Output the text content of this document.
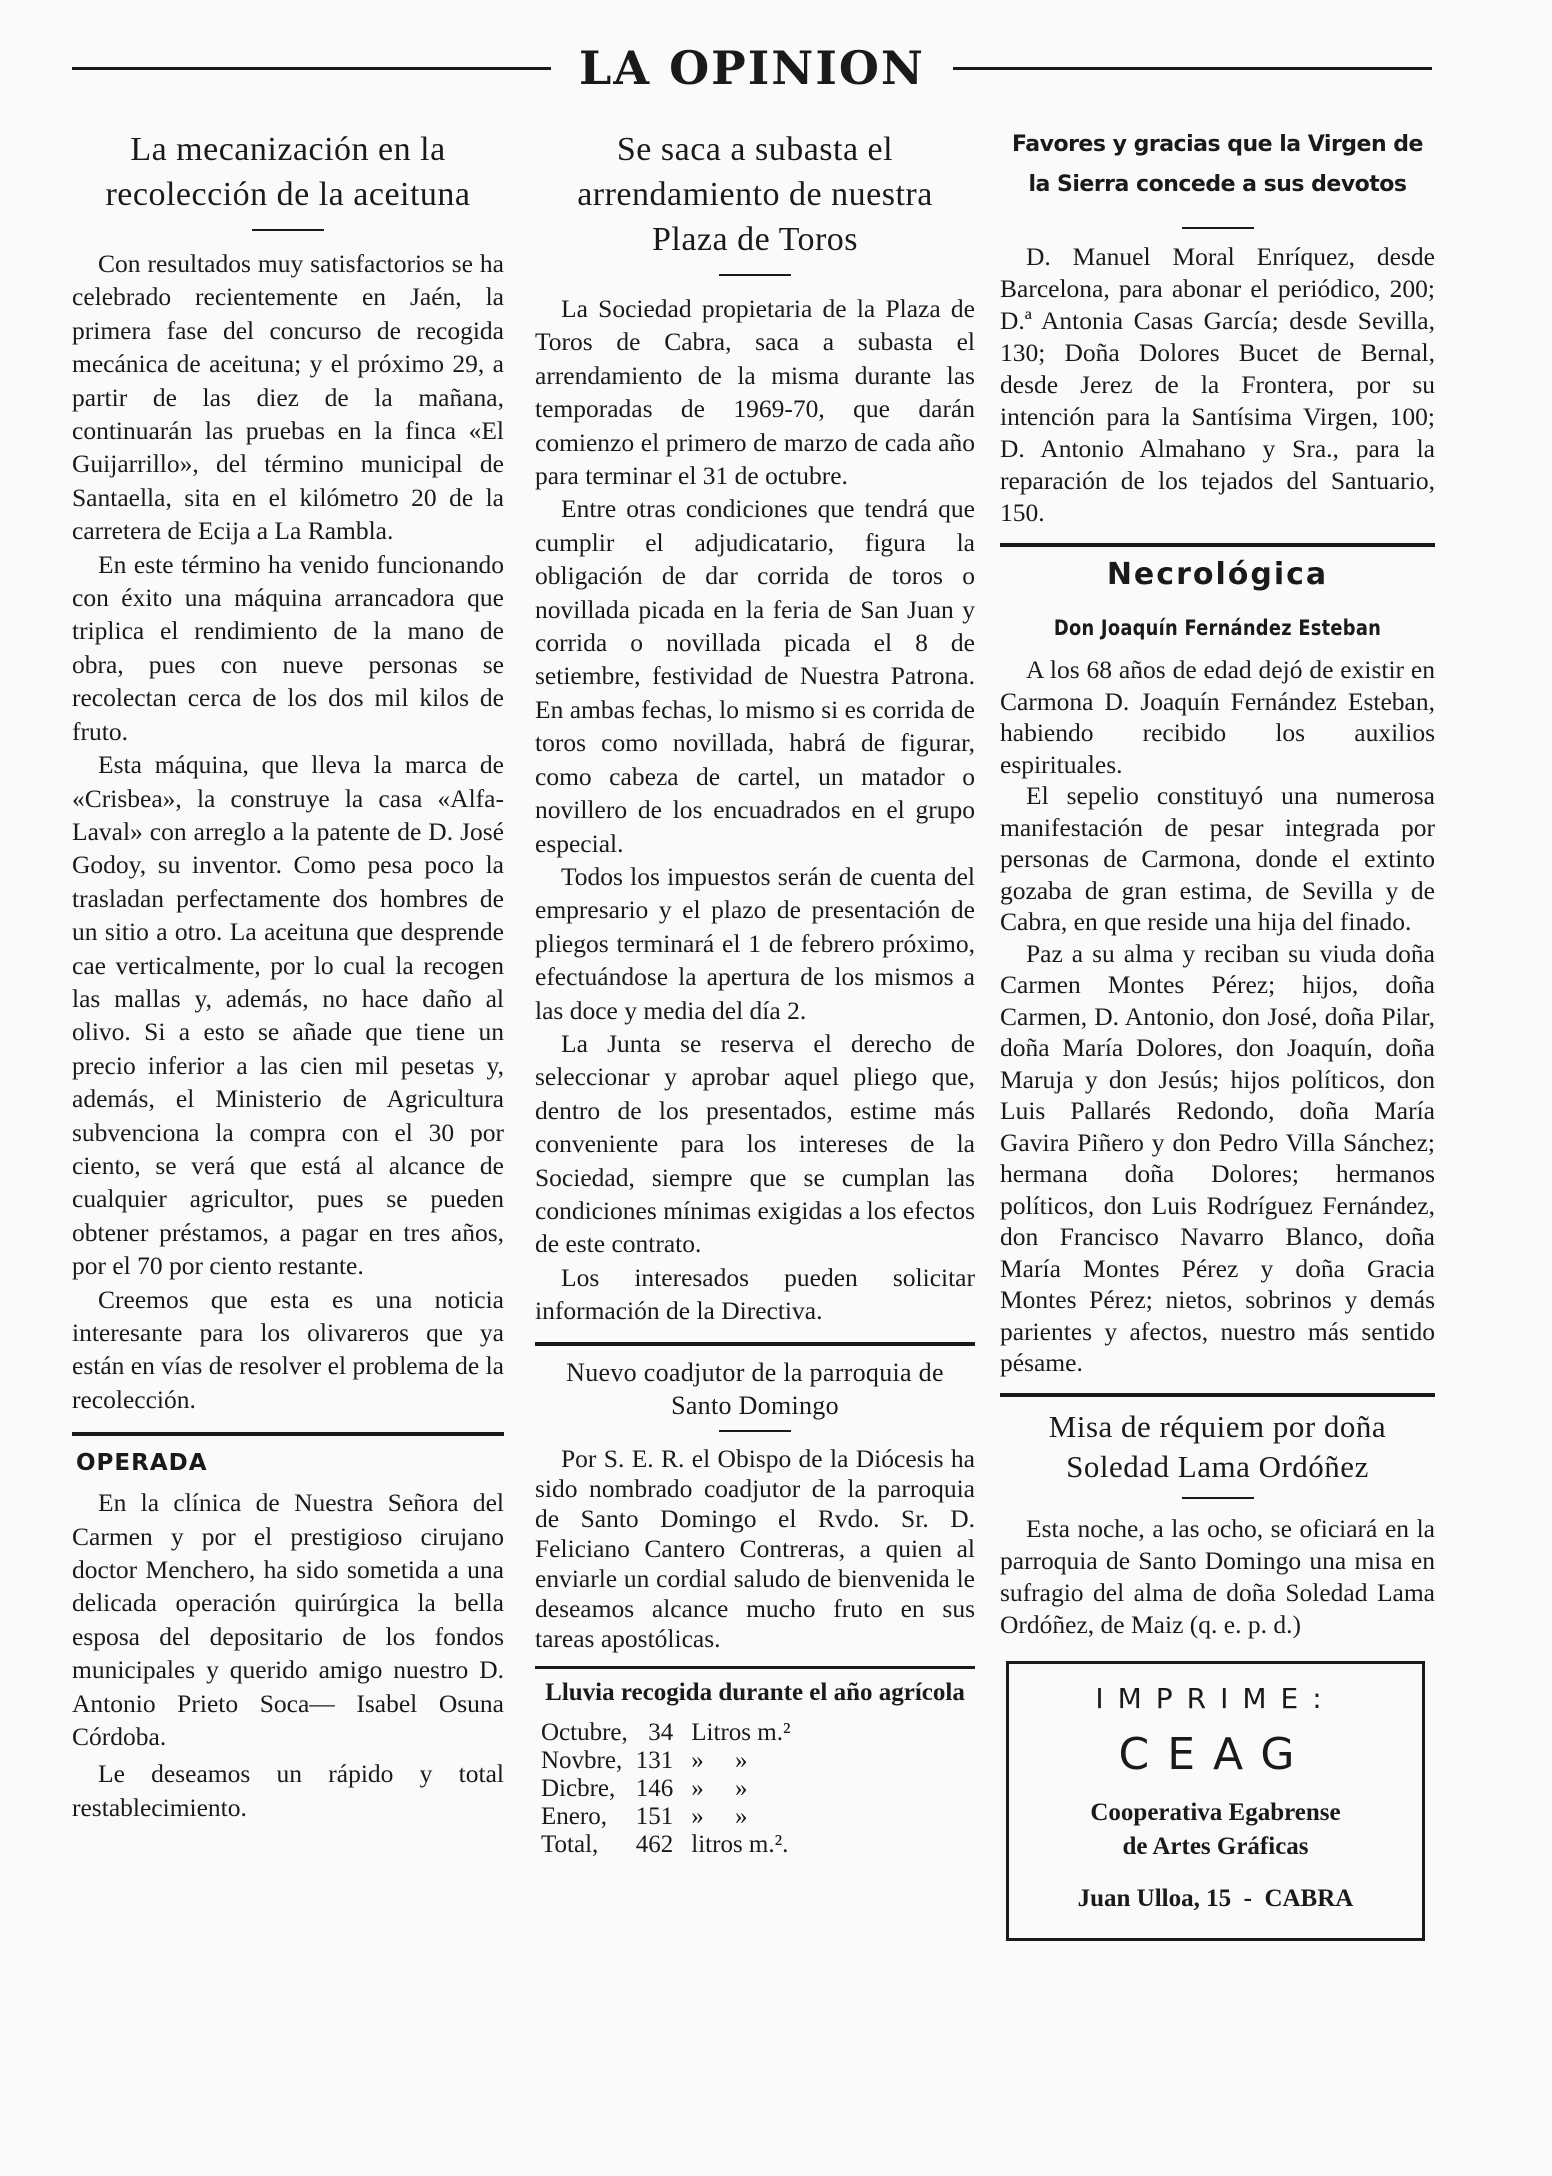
LA OPINION
La mecanización en la recolección de la aceituna

Con resultados muy satisfactorios se ha celebrado recientemente en Jaén, la primera fase del concurso de recogida mecánica de aceituna; y el próximo 29, a partir de las diez de la mañana, continuarán las pruebas en la finca «El Guijarrillo», del término municipal de Santaella, sita en el kilómetro 20 de la carretera de Ecija a La Rambla.

En este término ha venido funcionando con éxito una máquina arrancadora que triplica el rendimiento de la mano de obra, pues con nueve personas se recolectan cerca de los dos mil kilos de fruto.

Esta máquina, que lleva la marca de «Crisbea», la construye la casa «Alfa-Laval» con arreglo a la patente de D. José Godoy, su inventor. Como pesa poco la trasladan perfectamente dos hombres de un sitio a otro. La aceituna que desprende cae verticalmente, por lo cual la recogen las mallas y, además, no hace daño al olivo. Si a esto se añade que tiene un precio inferior a las cien mil pesetas y, además, el Ministerio de Agricultura subvenciona la compra con el 30 por ciento, se verá que está al alcance de cualquier agricultor, pues se pueden obtener préstamos, a pagar en tres años, por el 70 por ciento restante.

Creemos que esta es una noticia interesante para los olivareros que ya están en vías de resolver el problema de la recolección.

OPERADA

En la clínica de Nuestra Señora del Carmen y por el prestigioso cirujano doctor Menchero, ha sido sometida a una delicada operación quirúrgica la bella esposa del depositario de los fondos municipales y querido amigo nuestro D. Antonio Prieto Soca— Isabel Osuna Córdoba.

Le deseamos un rápido y total restablecimiento.

Se saca a subasta el arrendamiento de nuestra Plaza de Toros

La Sociedad propietaria de la Plaza de Toros de Cabra, saca a subasta el arrendamiento de la misma durante las temporadas de 1969-70, que darán comienzo el primero de marzo de cada año para terminar el 31 de octubre.

Entre otras condiciones que tendrá que cumplir el adjudicatario, figura la obligación de dar corrida de toros o novillada picada en la feria de San Juan y corrida o novillada picada el 8 de setiembre, festividad de Nuestra Patrona. En ambas fechas, lo mismo si es corrida de toros como novillada, habrá de figurar, como cabeza de cartel, un matador o novillero de los encuadrados en el grupo especial.

Todos los impuestos serán de cuenta del empresario y el plazo de presentación de pliegos terminará el 1 de febrero próximo, efectuándose la apertura de los mismos a las doce y media del día 2.

La Junta se reserva el derecho de seleccionar y aprobar aquel pliego que, dentro de los presentados, estime más conveniente para los intereses de la Sociedad, siempre que se cumplan las condiciones mínimas exigidas a los efectos de este contrato.

Los interesados pueden solicitar información de la Directiva.

Nuevo coadjutor de la parroquia de Santo Domingo

Por S. E. R. el Obispo de la Diócesis ha sido nombrado coadjutor de la parroquia de Santo Domingo el Rvdo. Sr. D. Feliciano Cantero Contreras, a quien al enviarle un cordial saludo de bienvenida le deseamos alcance mucho fruto en sus tareas apostólicas.

Lluvia recogida durante el año agrícola
Octubre,	34	Litros m.²
Novbre,	131	»     »
Dicbre,	146	»     »
Enero,	151	»     »
Total,	462	litros m.².
Favores y gracias que la Virgen de la Sierra concede a sus devotos

D. Manuel Moral Enríquez, desde Barcelona, para abonar el periódico, 200; D.ª Antonia Casas García; desde Sevilla, 130; Doña Dolores Bucet de Bernal, desde Jerez de la Frontera, por su intención para la Santísima Virgen, 100; D. Antonio Almahano y Sra., para la reparación de los tejados del Santuario, 150.

Necrológica
Don Joaquín Fernández Esteban

A los 68 años de edad dejó de existir en Carmona D. Joaquín Fernández Esteban, habiendo recibido los auxilios espirituales.

El sepelio constituyó una numerosa manifestación de pesar integrada por personas de Carmona, donde el extinto gozaba de gran estima, de Sevilla y de Cabra, en que reside una hija del finado.

Paz a su alma y reciban su viuda doña Carmen Montes Pérez; hijos, doña Carmen, D. Antonio, don José, doña Pilar, doña María Dolores, don Joaquín, doña Maruja y don Jesús; hijos políticos, don Luis Pallarés Redondo, doña María Gavira Piñero y don Pedro Villa Sánchez; hermana doña Dolores; hermanos políticos, don Luis Rodríguez Fernández, don Francisco Navarro Blanco, doña María Montes Pérez y doña Gracia Montes Pérez; nietos, sobrinos y demás parientes y afectos, nuestro más sentido pésame.

Misa de réquiem por doña Soledad Lama Ordóñez

Esta noche, a las ocho, se oficiará en la parroquia de Santo Domingo una misa en sufragio del alma de doña Soledad Lama Ordóñez, de Maiz (q. e. p. d.)

IMPRIME:
CEAG
Cooperativa Egabrense
de Artes Gráficas
Juan Ulloa, 15  -  CABRA
